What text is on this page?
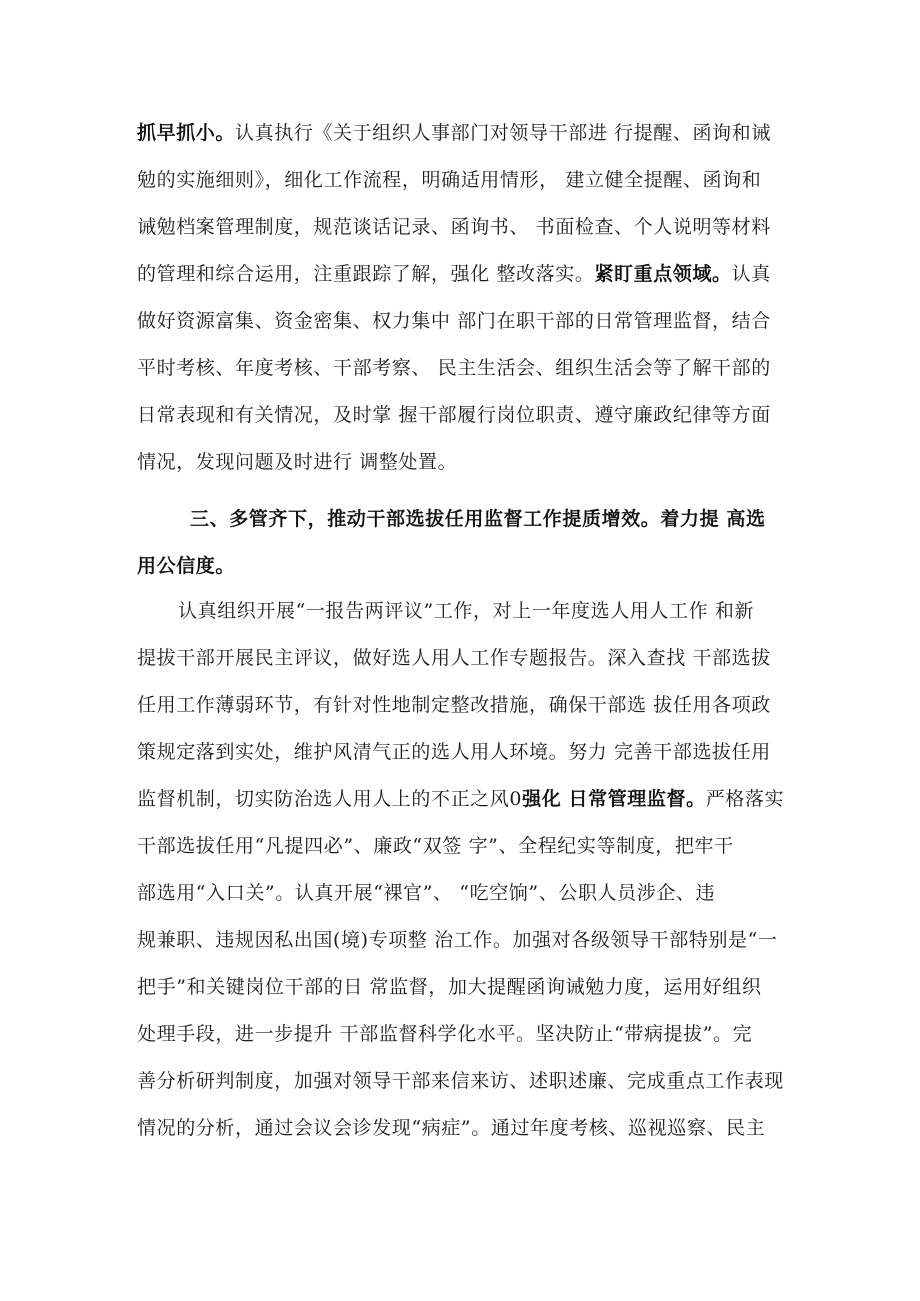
抓早抓小。认真执行《关于组织人事部门对领导干部进 行提醒、函询和诫
勉的实施细则》，细化工作流程，明确适用情形， 建立健全提醒、函询和
诫勉档案管理制度，规范谈话记录、函询书、 书面检查、个人说明等材料
的管理和综合运用，注重跟踪了解，强化 整改落实。紧盯重点领域。认真
做好资源富集、资金密集、权力集中 部门在职干部的日常管理监督，结合
平时考核、年度考核、干部考察、 民主生活会、组织生活会等了解干部的
日常表现和有关情况，及时掌 握干部履行岗位职责、遵守廉政纪律等方面
情况，发现问题及时进行 调整处置。
三、多管齐下，推动干部选拔任用监督工作提质增效。着力提 高选
用公信度。
认真组织开展“一报告两评议”工作，对上一年度选人用人工作 和新
提拔干部开展民主评议，做好选人用人工作专题报告。深入查找 干部选拔
任用工作薄弱环节，有针对性地制定整改措施，确保干部选 拔任用各项政
策规定落到实处，维护风清气正的选人用人环境。努力 完善干部选拔任用
监督机制，切实防治选人用人上的不正之风0强化 日常管理监督。严格落实
干部选拔任用“凡提四必”、廉政“双签 字”、全程纪实等制度，把牢干
部选用“入口关”。认真开展“裸官”、 “吃空饷”、公职人员涉企、违
规兼职、违规因私出国(境)专项整 治工作。加强对各级领导干部特别是“一
把手”和关键岗位干部的日 常监督，加大提醒函询诫勉力度，运用好组织
处理手段，进一步提升 干部监督科学化水平。坚决防止“带病提拔”。完
善分析研判制度，加强对领导干部来信来访、述职述廉、完成重点工作表现
情况的分析，通过会议会诊发现“病症”。通过年度考核、巡视巡察、民主
